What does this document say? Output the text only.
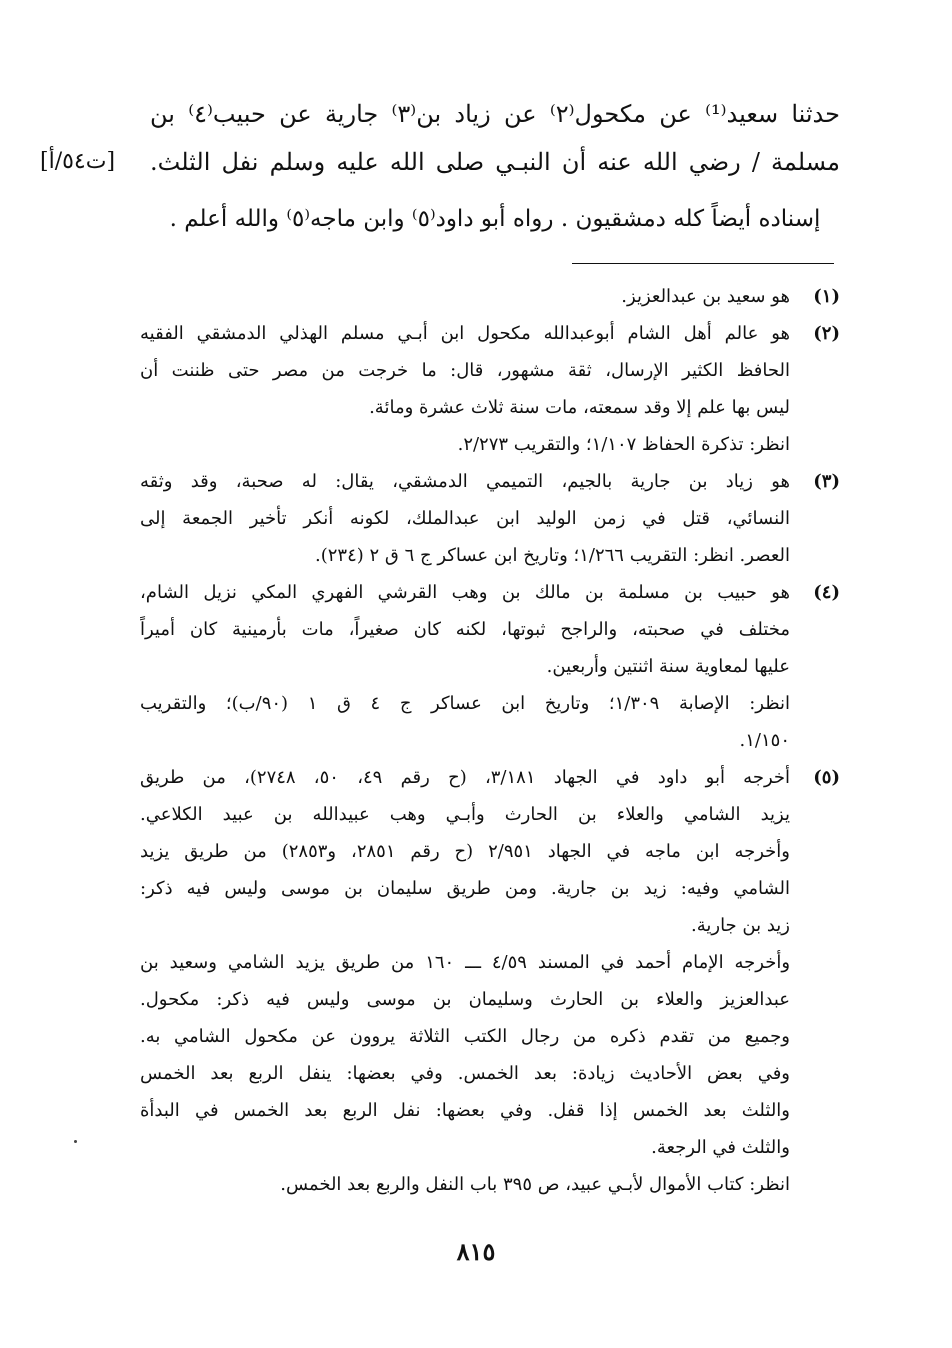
حدثنا سعيد⁽¹⁾ عن مكحول⁽٢⁾ عن زياد بن⁽٣⁾ جارية عن حبيب⁽٤⁾ بن
مسلمة / رضي الله عنه أن النبـي صلى الله عليه وسلم نفل الثلث.
[ت٥٤/أ]
إسناده أيضاً كله دمشقيون . رواه أبو داود⁽٥⁾ وابن ماجه⁽٥⁾ والله أعلم .
(١)
هو سعيد بن عبدالعزيز.
(٢)
هو عالم أهل الشام أبوعبدالله مكحول ابن أبـي مسلم الهذلي الدمشقي الفقيه
الحافظ الكثير الإرسال، ثقة مشهور، قال: ما خرجت من مصر حتى ظننت أن
ليس بها علم إلا وقد سمعته، مات سنة ثلاث عشرة ومائة.
انظر: تذكرة الحفاظ ١/١٠٧؛ والتقريب ٢/٢٧٣.
(٣)
هو زياد بن جارية بالجيم، التميمي الدمشقي، يقال: له صحبة، وقد وثقه
النسائي، قتل في زمن الوليد ابن عبدالملك، لكونه أنكر تأخير الجمعة إلى
العصر. انظر: التقريب ١/٢٦٦؛ وتاريخ ابن عساكر ج ٦ ق ٢ (٢٣٤).
(٤)
هو حبيب بن مسلمة بن مالك بن وهب القرشي الفهري المكي نزيل الشام،
مختلف في صحبته، والراجح ثبوتها، لكنه كان صغيراً، مات بأرمينية كان أميراً
عليها لمعاوية سنة اثنتين وأربعين.
انظر: الإصابة ١/٣٠٩؛ وتاريخ ابن عساكر ج ٤ ق ١ (٩٠/ب)؛ والتقريب
١/١٥٠.
(٥)
أخرجه أبو داود في الجهاد ٣/١٨١، (ح رقم ٤٩، ٥٠، ٢٧٤٨)، من طريق
يزيد الشامي والعلاء بن الحارث وأبـي وهب عبيدالله بن عبيد الكلاعي.
وأخرجه ابن ماجه في الجهاد ٢/٩٥١ (ح رقم ٢٨٥١، و٢٨٥٣) من طريق يزيد
الشامي وفيه: زيد بن جارية. ومن طريق سليمان بن موسى وليس فيه ذكر:
زيد بن جارية.
وأخرجه الإمام أحمد في المسند ٤/٥٩ ـــ ١٦٠ من طريق يزيد الشامي وسعيد بن
عبدالعزيز والعلاء بن الحارث وسليمان بن موسى وليس فيه ذكر: مكحول.
وجميع من تقدم ذكره من رجال الكتب الثلاثة يروون عن مكحول الشامي به.
وفي بعض الأحاديث زيادة: بعد الخمس. وفي بعضها: ينفل الربع بعد الخمس
والثلث بعد الخمس إذا قفل. وفي بعضها: نفل الربع بعد الخمس في البدأة
والثلث في الرجعة.
انظر: كتاب الأموال لأبـي عبيد، ص ٣٩٥ باب النفل والربع بعد الخمس.
٨١٥
